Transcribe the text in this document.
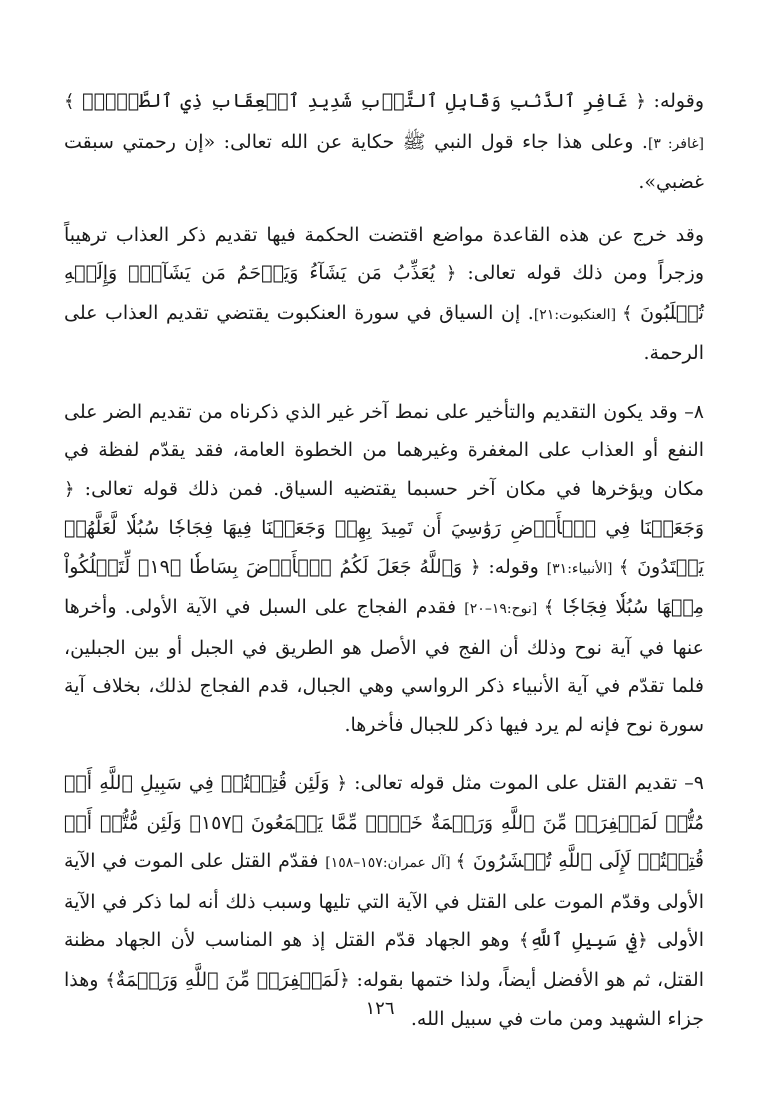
وقوله: ﴿ غَافِرِ ٱلذَّنۢبِ وَقَابِلِ ٱلتَّوۡبِ شَدِيدِ ٱلۡعِقَابِ ذِي ٱلطَّوۡلِۖ ﴾ [غافر: ٣]. وعلى هذا جاء قول النبي ﷺ حكاية عن الله تعالى: «إن رحمتي سبقت غضبي».

وقد خرج عن هذه القاعدة مواضع اقتضت الحكمة فيها تقديم ذكر العذاب ترهيباً وزجراً ومن ذلك قوله تعالى: ﴿ يُعَذِّبُ مَن يَشَآءُ وَيَرۡحَمُ مَن يَشَآءُۖ وَإِلَيۡهِ تُقۡلَبُونَ ﴾ [العنكبوت:٢١]. إن السياق في سورة العنكبوت يقتضي تقديم العذاب على الرحمة.

٨– وقد يكون التقديم والتأخير على نمط آخر غير الذي ذكرناه من تقديم الضر على النفع أو العذاب على المغفرة وغيرهما من الخطوة العامة، فقد يقدّم لفظة في مكان ويؤخرها في مكان آخر حسبما يقتضيه السياق. فمن ذلك قوله تعالى: ﴿ وَجَعَلۡنَا فِي ٱلۡأَرۡضِ رَوَٰسِيَ أَن تَمِيدَ بِهِمۡ وَجَعَلۡنَا فِيهَا فِجَاجٗا سُبُلٗا لَّعَلَّهُمۡ يَهۡتَدُونَ ﴾ [الأنبياء:٣١] وقوله: ﴿ وَٱللَّهُ جَعَلَ لَكُمُ ٱلۡأَرۡضَ بِسَاطٗا ﴿١٩﴾ لِّتَسۡلُكُواْ مِنۡهَا سُبُلٗا فِجَاجٗا ﴾ [نوح:١٩–٢٠] فقدم الفجاج على السبل في الآية الأولى. وأخرها عنها في آية نوح وذلك أن الفج في الأصل هو الطريق في الجبل أو بين الجبلين، فلما تقدّم في آية الأنبياء ذكر الرواسي وهي الجبال، قدم الفجاج لذلك، بخلاف آية سورة نوح فإنه لم يرد فيها ذكر للجبال فأخرها.

٩– تقديم القتل على الموت مثل قوله تعالى: ﴿ وَلَئِن قُتِلۡتُمۡ فِي سَبِيلِ ٱللَّهِ أَوۡ مُتُّمۡ لَمَغۡفِرَةٞ مِّنَ ٱللَّهِ وَرَحۡمَةٌ خَيۡرٞ مِّمَّا يَجۡمَعُونَ ﴿١٥٧﴾ وَلَئِن مُّتُّمۡ أَوۡ قُتِلۡتُمۡ لَإِلَى ٱللَّهِ تُحۡشَرُونَ ﴾ [آل عمران:١٥٧–١٥٨] فقدّم القتل على الموت في الآية الأولى وقدّم الموت على القتل في الآية التي تليها وسبب ذلك أنه لما ذكر في الآية الأولى ﴿فِي سَبِيلِ ٱللَّهِ﴾ وهو الجهاد قدّم القتل إذ هو المناسب لأن الجهاد مظنة القتل، ثم هو الأفضل أيضاً، ولذا ختمها بقوله: ﴿لَمَغۡفِرَةٞ مِّنَ ٱللَّهِ وَرَحۡمَةٌ﴾ وهذا جزاء الشهيد ومن مات في سبيل الله.

١٢٦
